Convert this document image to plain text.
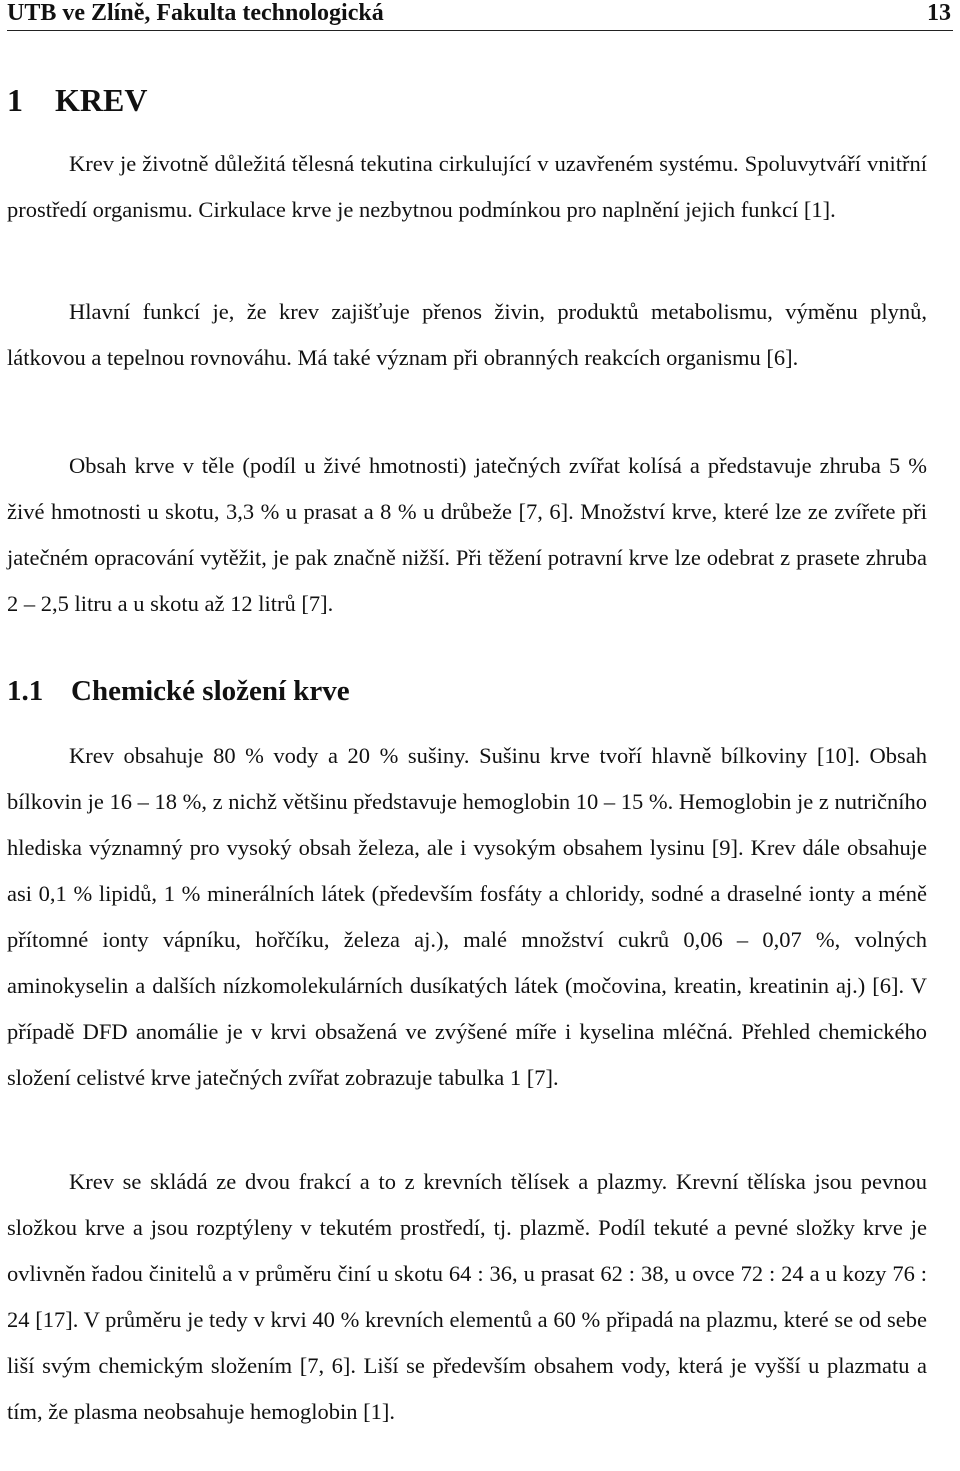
UTB ve Zlíně, Fakulta technologická	13
1 KREV

Krev je životně důležitá tělesná tekutina cirkulující v uzavřeném systému. Spoluvytváří vnitřní prostředí organismu. Cirkulace krve je nezbytnou podmínkou pro naplnění jejich funkcí [1].

Hlavní funkcí je, že krev zajišťuje přenos živin, produktů metabolismu, výměnu plynů, látkovou a tepelnou rovnováhu. Má také význam při obranných reakcích organismu [6].

Obsah krve v těle (podíl u živé hmotnosti) jatečných zvířat kolísá a představuje zhruba 5 % živé hmotnosti u skotu, 3,3 % u prasat a 8 % u drůbeže [7, 6]. Množství krve, které lze ze zvířete při jatečném opracování vytěžit, je pak značně nižší. Při těžení potravní krve lze odebrat z prasete zhruba 2 – 2,5 litru a u skotu až 12 litrů [7].

1.1 Chemické složení krve

Krev obsahuje 80 % vody a 20 % sušiny. Sušinu krve tvoří hlavně bílkoviny [10]. Obsah bílkovin je 16 – 18 %, z nichž většinu představuje hemoglobin 10 – 15 %. Hemoglobin je z nutričního hlediska významný pro vysoký obsah železa, ale i vysokým obsahem lysinu [9]. Krev dále obsahuje asi 0,1 % lipidů, 1 % minerálních látek (především fosfáty a chloridy, sodné a draselné ionty a méně přítomné ionty vápníku, hořčíku, železa aj.), malé množství cukrů 0,06 – 0,07 %, volných aminokyselin a dalších nízkomolekulárních dusíkatých látek (močovina, kreatin, kreatinin aj.) [6]. V případě DFD anomálie je v krvi obsažená ve zvýšené míře i kyselina mléčná. Přehled chemického složení celistvé krve jatečných zvířat zobrazuje tabulka 1 [7].

Krev se skládá ze dvou frakcí a to z krevních tělísek a plazmy. Krevní tělíska jsou pevnou složkou krve a jsou rozptýleny v tekutém prostředí, tj. plazmě. Podíl tekuté a pevné složky krve je ovlivněn řadou činitelů a v průměru činí u skotu 64 : 36, u prasat 62 : 38, u ovce 72 : 24 a u kozy 76 : 24 [17]. V průměru je tedy v krvi 40 % krevních elementů a 60 % připadá na plazmu, které se od sebe liší svým chemickým složením [7, 6]. Liší se především obsahem vody, která je vyšší u plazmatu a tím, že plasma neobsahuje hemoglobin [1].
